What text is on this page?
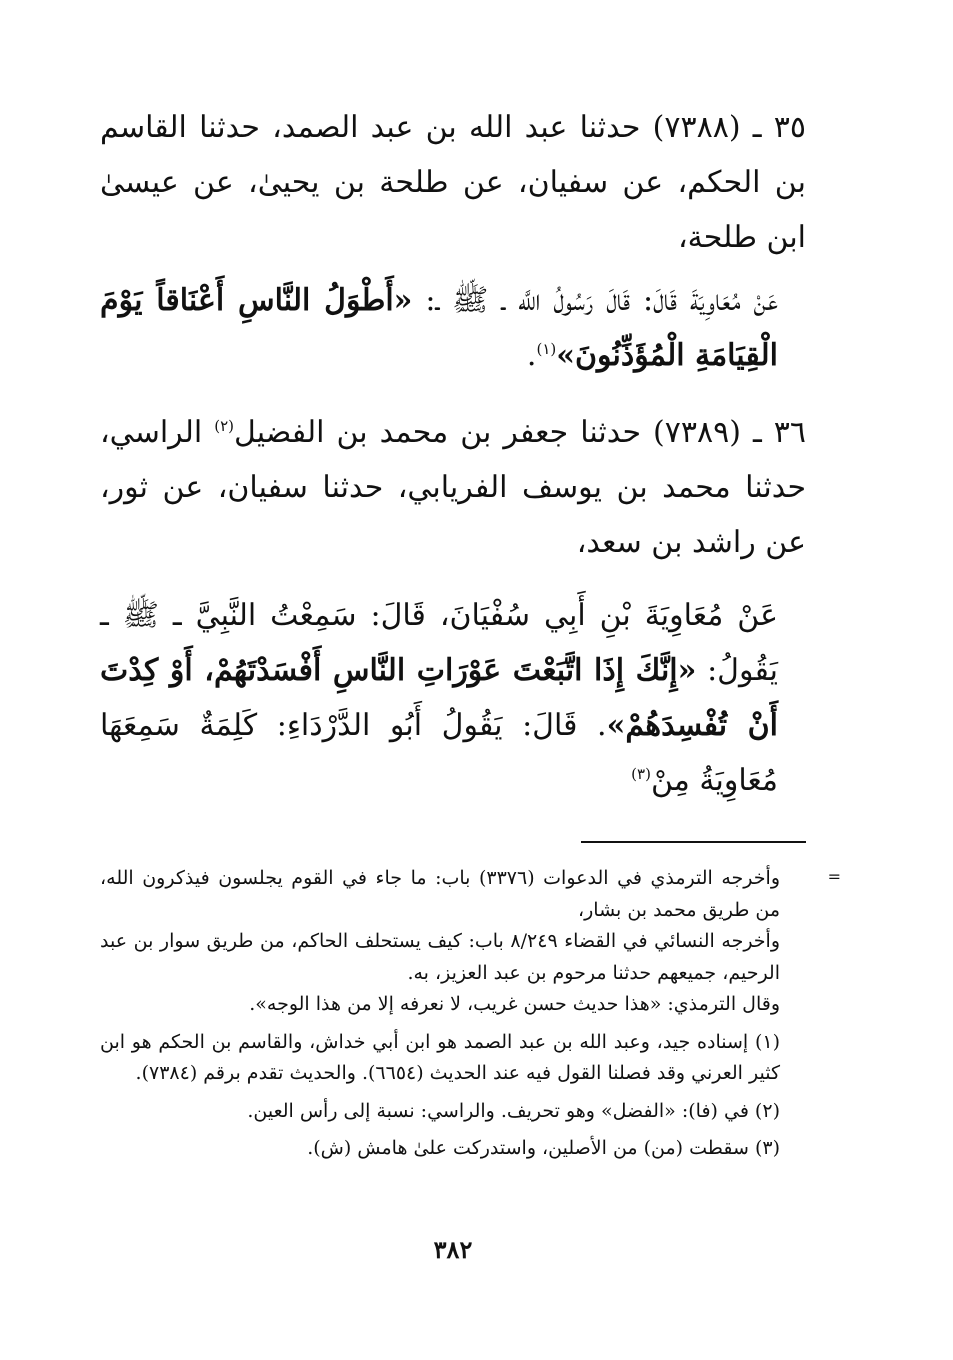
٣٥ ـ (٧٣٨٨) حدثنا عبد الله بن عبد الصمد، حدثنا القاسم بن الحكم، عن سفيان، عن طلحة بن يحيىٰ، عن عيسىٰ ابن طلحة،

عَنْ مُعَاوِيَةَ قَالَ: قَالَ رَسُولُ اللَّه ـ ﷺ ـ: «أَطْوَلُ النَّاسِ أَعْنَاقاً يَوْمَ الْقِيَامَةِ الْمُؤَذِّنُونَ»$^{(١)}$.

٣٦ ـ (٧٣٨٩) حدثنا جعفر بن محمد بن الفضيل$^{(٢)}$ الراسي، حدثنا محمد بن يوسف الفريابي، حدثنا سفيان، عن ثور، عن راشد بن سعد،

عَنْ مُعَاوِيَةَ بْنِ أَبِي سُفْيَانَ، قَالَ: سَمِعْتُ النَّبِيَّ ـ ﷺ ـ يَقُولُ: «إِنَّكَ إِذَا اتَّبَعْتَ عَوْرَاتِ النَّاسِ أَفْسَدْتَهُمْ، أَوْ كِدْتَ أَنْ تُفْسِدَهُمْ». قَالَ: يَقُولُ أَبُو الدَّرْدَاءِ: كَلِمَةٌ سَمِعَهَا مُعَاوِيَةُ مِنْ$^{(٣)}$

=

وأخرجه الترمذي في الدعوات (٣٣٧٦) باب: ما جاء في القوم يجلسون فيذكرون الله، من طريق محمد بن بشار،

وأخرجه النسائي في القضاء ٨/٢٤٩ باب: كيف يستحلف الحاكم، من طريق سوار بن عبد الرحيم، جميعهم حدثنا مرحوم بن عبد العزيز، به.

وقال الترمذي: «هذا حديث حسن غريب، لا نعرفه إلا من هذا الوجه».

(١) إسناده جيد، وعبد الله بن عبد الصمد هو ابن أبي خداش، والقاسم بن الحكم هو ابن كثير العرني وقد فصلنا القول فيه عند الحديث (٦٦٥٤). والحديث تقدم برقم (٧٣٨٤).

(٢) في (فا): «الفضل» وهو تحريف. والراسي: نسبة إلى رأس العين.

(٣) سقطت (من) من الأصلين، واستدركت علىٰ هامش (ش).

٣٨٢
